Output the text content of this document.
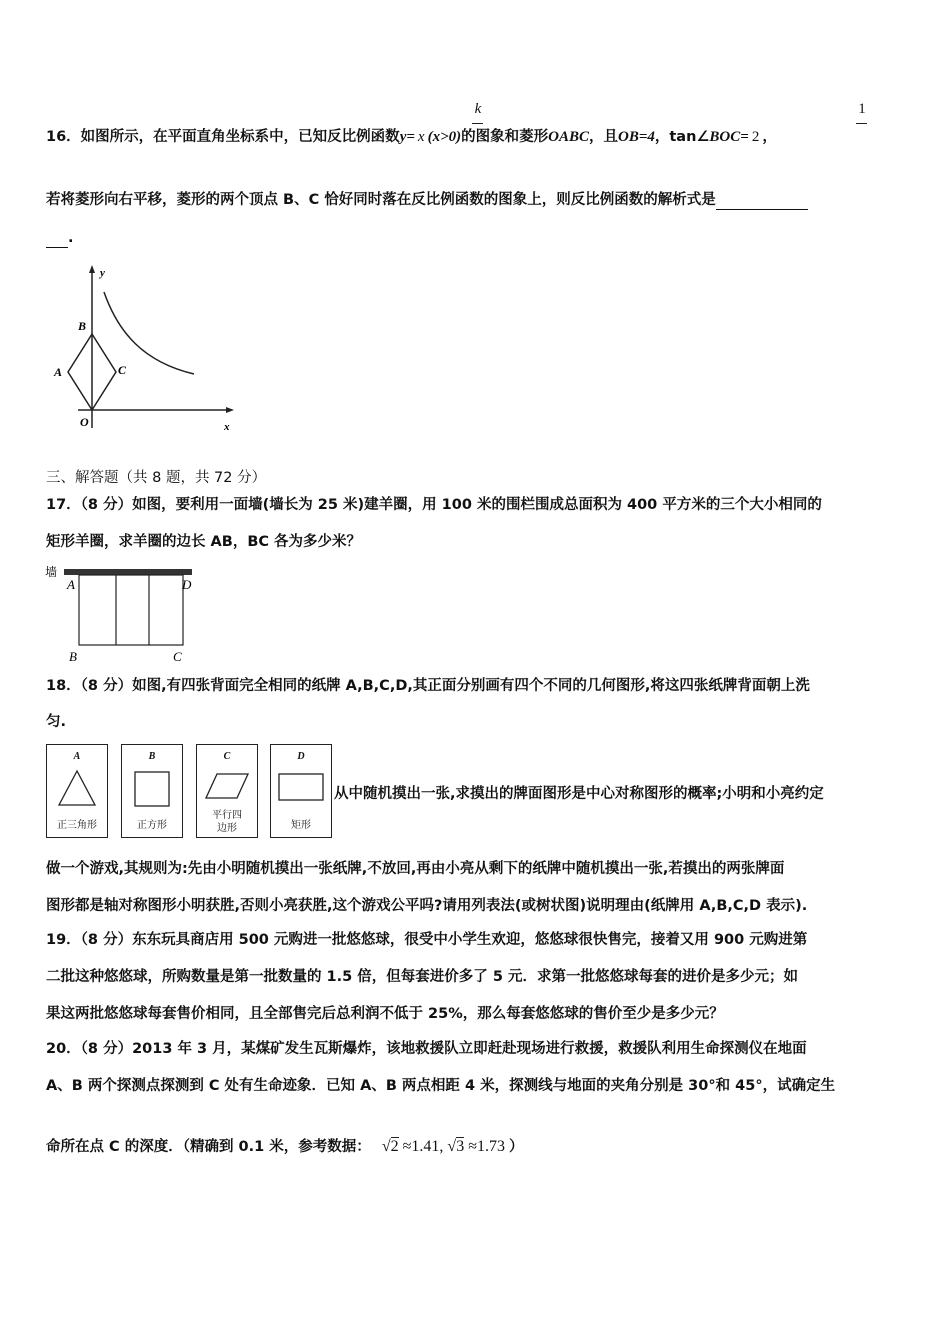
k	1
16．如图所示，在平面直角坐标系中，已知反比例函数y= x (x>0)的图象和菱形OABC，且OB=4，tan∠BOC= 2 ，
若将菱形向右平移，菱形的两个顶点 B、C 恰好同时落在反比例函数的图象上，则反比例函数的解析式是
.
y
x
B
A	C
O
三、解答题（共 8 题，共 72 分）
17．（8 分）如图，要利用一面墙(墙长为 25 米)建羊圈，用 100 米的围栏围成总面积为 400 平方米的三个大小相同的
矩形羊圈，求羊圈的边长 AB，BC 各为多少米？
墙
A	D
B	C
18．（8 分）如图,有四张背面完全相同的纸牌 A,B,C,D,其正面分别画有四个不同的几何图形,将这四张纸牌背面朝上洗
匀.
A
正三角形
B
正方形
C
平行四
边形
D
矩形
从中随机摸出一张,求摸出的牌面图形是中心对称图形的概率;小明和小亮约定
做一个游戏,其规则为:先由小明随机摸出一张纸牌,不放回,再由小亮从剩下的纸牌中随机摸出一张,若摸出的两张牌面
图形都是轴对称图形小明获胜,否则小亮获胜,这个游戏公平吗?请用列表法(或树状图)说明理由(纸牌用 A,B,C,D 表示).
19．（8 分）东东玩具商店用 500 元购进一批悠悠球，很受中小学生欢迎，悠悠球很快售完，接着又用 900 元购进第
二批这种悠悠球，所购数量是第一批数量的 1.5 倍，但每套进价多了 5 元．求第一批悠悠球每套的进价是多少元；如
果这两批悠悠球每套售价相同，且全部售完后总利润不低于 25%，那么每套悠悠球的售价至少是多少元？
20．（8 分）2013 年 3 月，某煤矿发生瓦斯爆炸，该地救援队立即赶赴现场进行救援，救援队利用生命探测仪在地面
A、B 两个探测点探测到 C 处有生命迹象．已知 A、B 两点相距 4 米，探测线与地面的夹角分别是 30°和 45°，试确定生
命所在点 C 的深度．（精确到 0.1 米，参考数据： √2 ≈1.41, √3 ≈1.73 ）
